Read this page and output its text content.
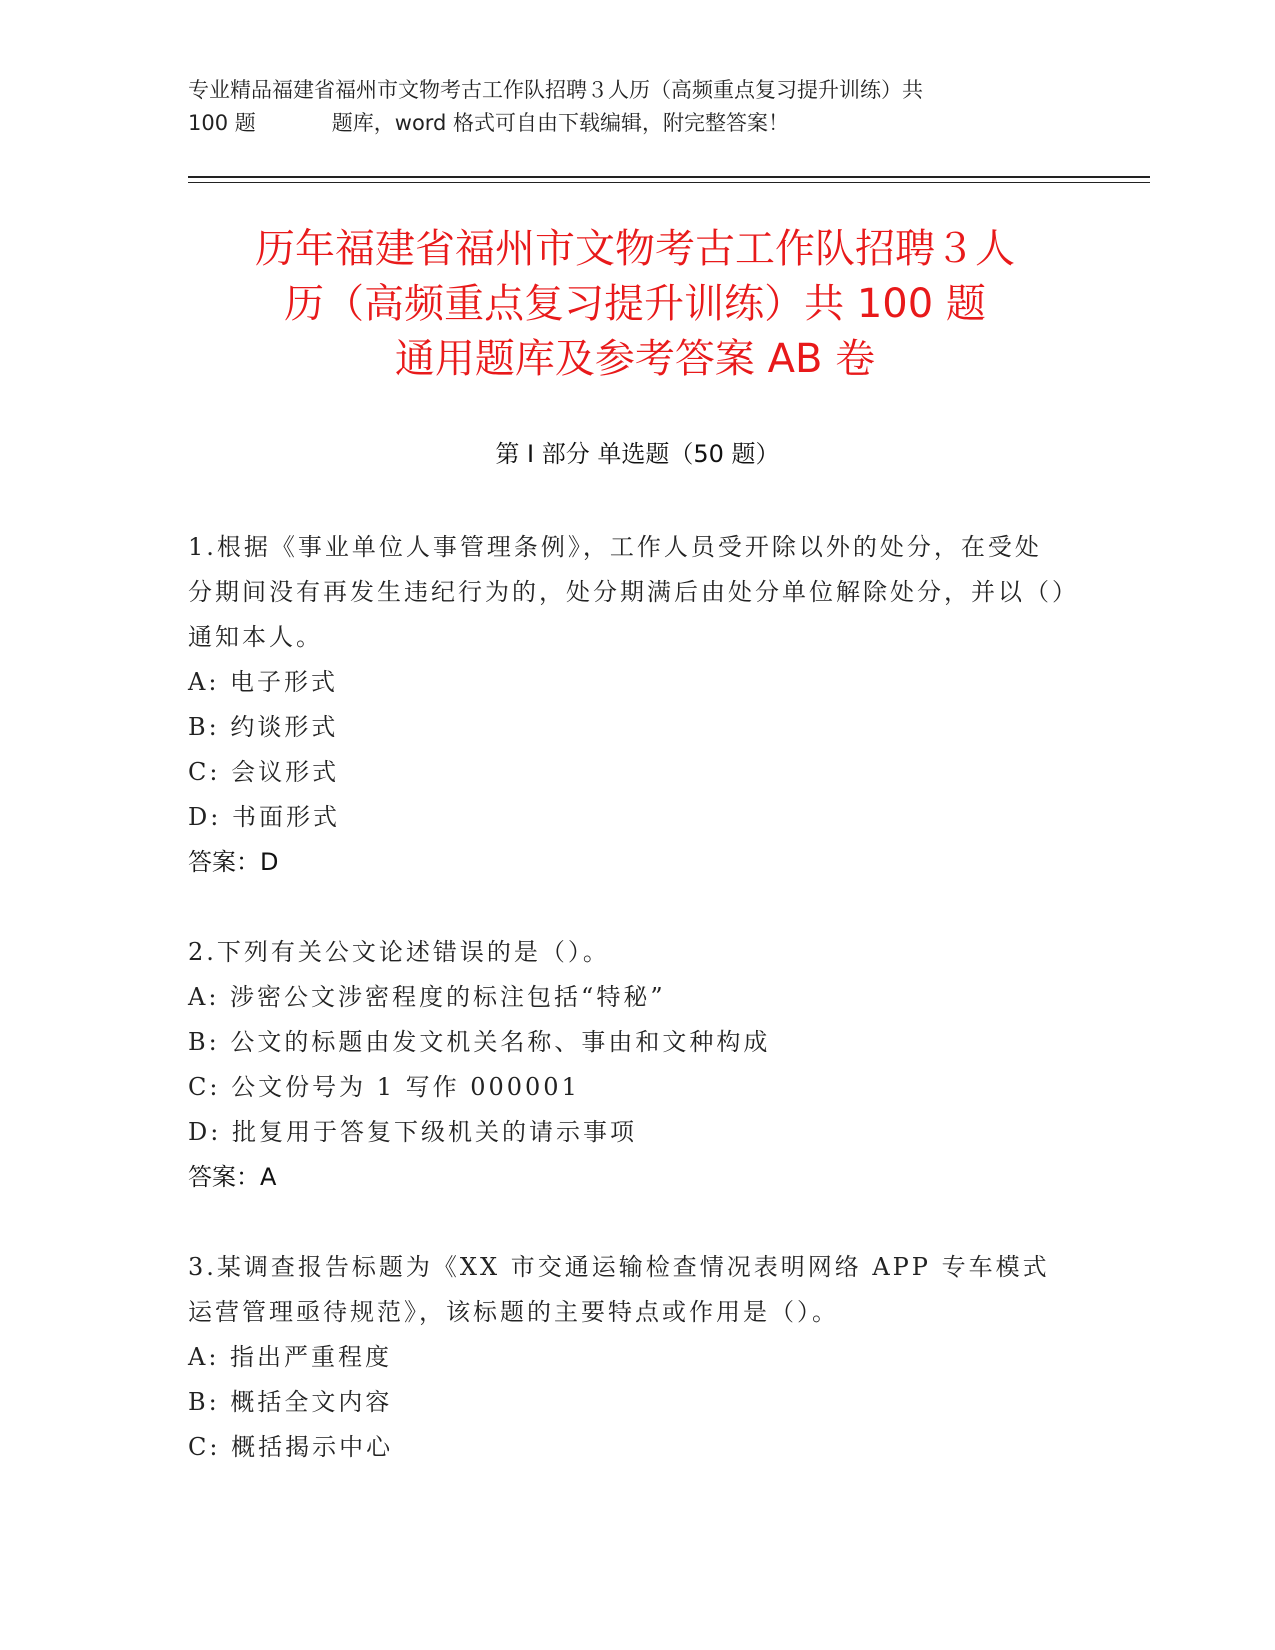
专业精品福建省福州市文物考古工作队招聘３人历（高频重点复习提升训练）共
100 题	题库，word 格式可自由下载编辑，附完整答案！
历年福建省福州市文物考古工作队招聘３人
历（高频重点复习提升训练）共 100 题
通用题库及参考答案 AB 卷
第 I 部分 单选题（50 题）
1.根据《事业单位人事管理条例》，工作人员受开除以外的处分，在受处分期间没有再发生违纪行为的，处分期满后由处分单位解除处分，并以（）通知本人。
A: 电子形式
B: 约谈形式
C: 会议形式
D: 书面形式
答案：D
2.下列有关公文论述错误的是（）。
A: 涉密公文涉密程度的标注包括“特秘”
B: 公文的标题由发文机关名称、事由和文种构成
C: 公文份号为 1 写作 000001
D: 批复用于答复下级机关的请示事项
答案：A
3.某调查报告标题为《XX 市交通运输检查情况表明网络 APP 专车模式运营管理亟待规范》，该标题的主要特点或作用是（）。
A: 指出严重程度
B: 概括全文内容
C: 概括揭示中心
